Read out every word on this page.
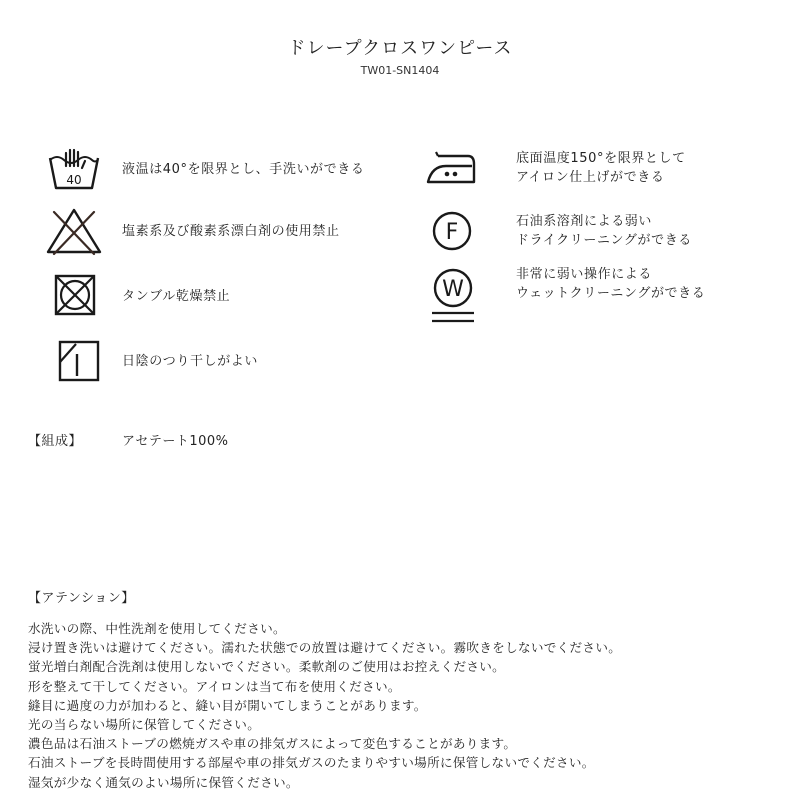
ドレープクロスワンピース
TW01-SN1404
40
液温は40°を限界とし、手洗いができる
塩素系及び酸素系漂白剤の使用禁止
タンブル乾燥禁止
日陰のつり干しがよい
底面温度150°を限界として
アイロン仕上げができる
F	石油系溶剤による弱い
ドライクリーニングができる
W
非常に弱い操作による
ウェットクリーニングができる
【組成】	アセテート100%
【アテンション】
水洗いの際、中性洗剤を使用してください。
浸け置き洗いは避けてください。濡れた状態での放置は避けてください。霧吹きをしないでください。
蛍光増白剤配合洗剤は使用しないでください。柔軟剤のご使用はお控えください。
形を整えて干してください。アイロンは当て布を使用ください。
縫目に過度の力が加わると、縫い目が開いてしまうことがあります。
光の当らない場所に保管してください。
濃色品は石油ストーブの燃焼ガスや車の排気ガスによって変色することがあります。
石油ストーブを長時間使用する部屋や車の排気ガスのたまりやすい場所に保管しないでください。
湿気が少なく通気のよい場所に保管ください。
